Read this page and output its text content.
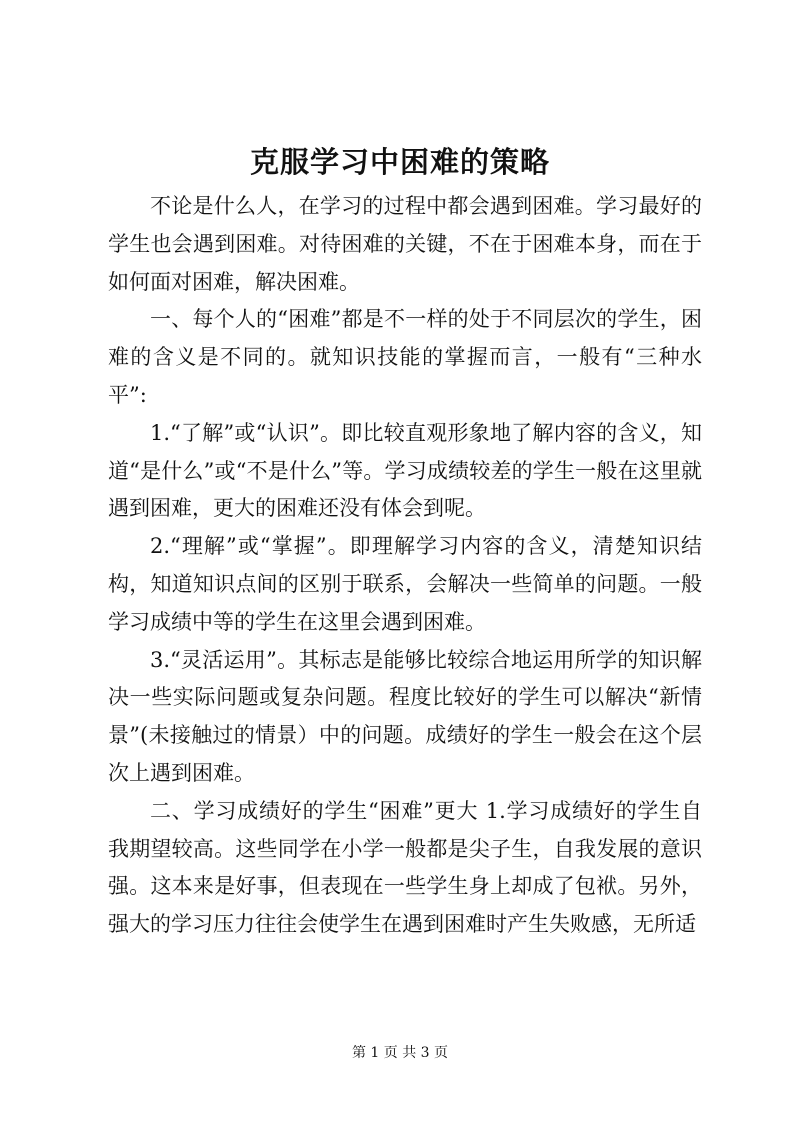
克服学习中困难的策略

不论是什么人，在学习的过程中都会遇到困难。学习最好的学生也会遇到困难。对待困难的关键，不在于困难本身，而在于如何面对困难，解决困难。

一、每个人的“困难”都是不一样的处于不同层次的学生，困难的含义是不同的。就知识技能的掌握而言，一般有“三种水平”:

1.“了解”或“认识”。即比较直观形象地了解内容的含义，知道“是什么”或“不是什么”等。学习成绩较差的学生一般在这里就遇到困难，更大的困难还没有体会到呢。

2.“理解”或“掌握”。即理解学习内容的含义，清楚知识结构，知道知识点间的区别于联系，会解决一些简单的问题。一般学习成绩中等的学生在这里会遇到困难。

3.“灵活运用”。其标志是能够比较综合地运用所学的知识解决一些实际问题或复杂问题。程度比较好的学生可以解决“新情景”(未接触过的情景）中的问题。成绩好的学生一般会在这个层次上遇到困难。

二、学习成绩好的学生“困难”更大 1.学习成绩好的学生自我期望较高。这些同学在小学一般都是尖子生，自我发展的意识强。这本来是好事，但表现在一些学生身上却成了包袱。另外，强大的学习压力往往会使学生在遇到困难时产生失败感，无所适

第 1 页 共 3 页
